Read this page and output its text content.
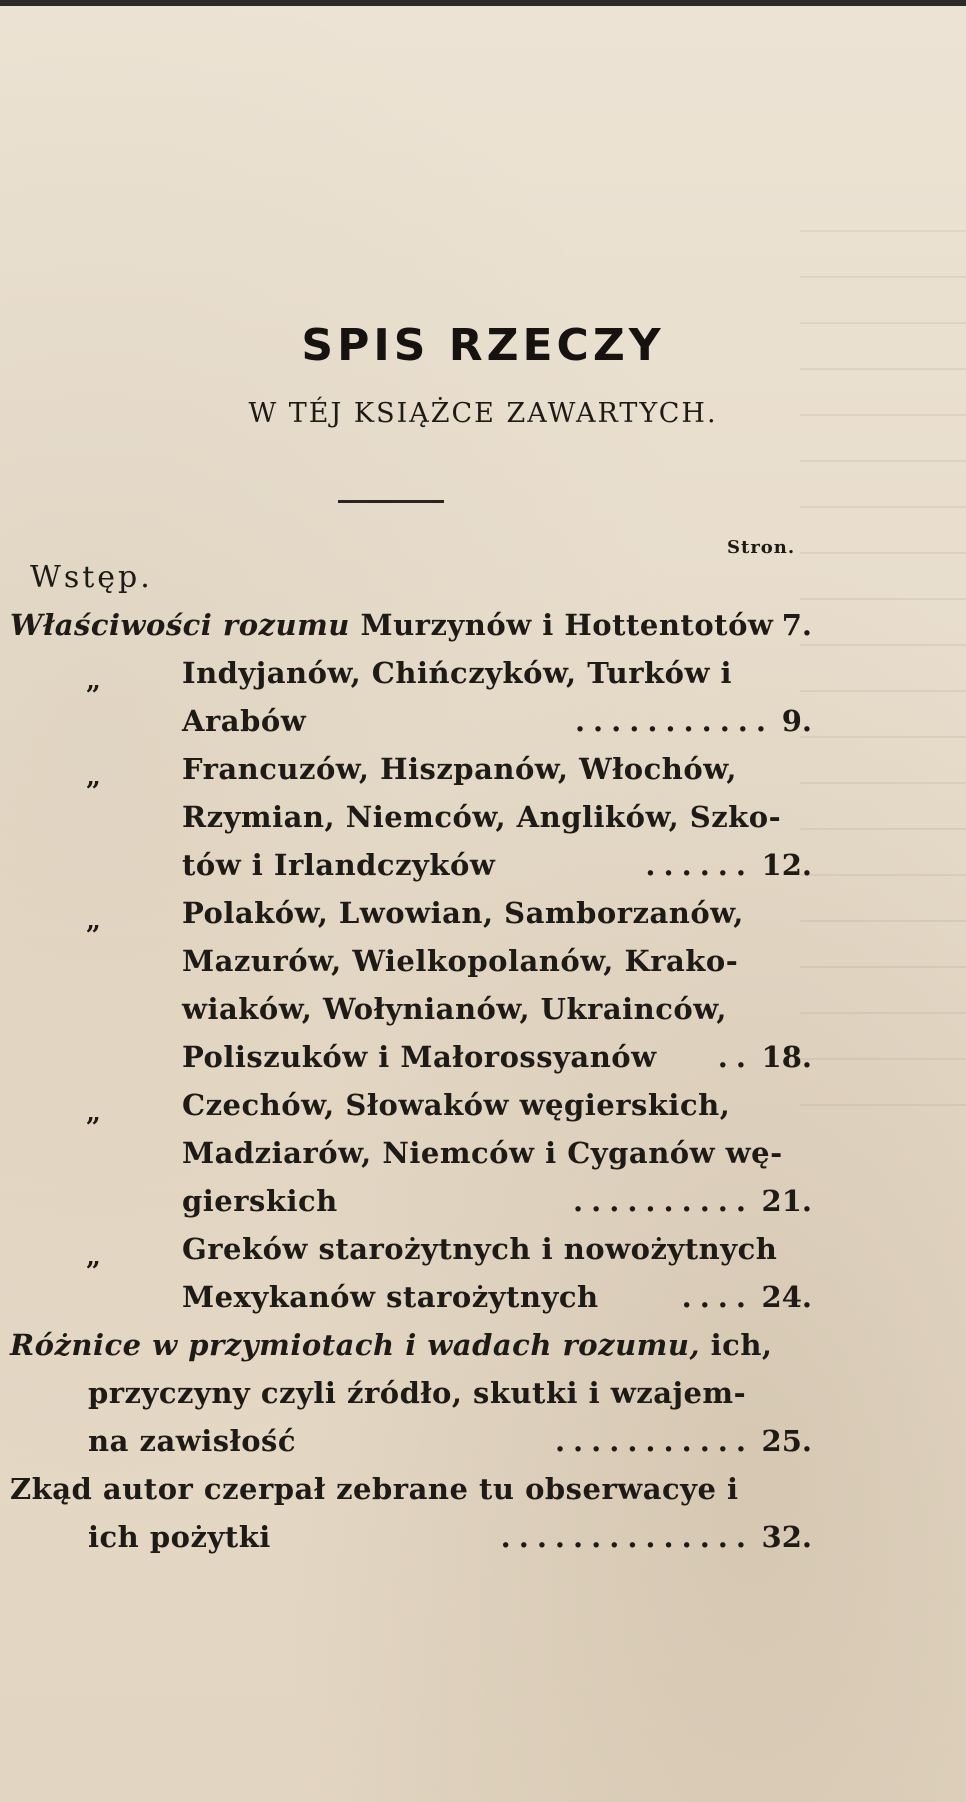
SPIS RZECZY
W TÉJ KSIĄŻCE ZAWARTYCH.
Stron.
Wstęp.
Właściwości rozumu Murzynów i Hottentotów 7.
„	Indyjanów, Chińczyków, Turków i
Arabów	9.
...........
„	Francuzów, Hiszpanów, Włochów,
Rzymian, Niemców, Anglików, Szko-
tów i Irlandczyków	12.
......
„	Polaków, Lwowian, Samborzanów,
Mazurów, Wielkopolanów, Krako-
wiaków, Wołynianów, Ukrainców,
Poliszuków i Małorossyanów	18.
..
„	Czechów, Słowaków węgierskich,
Madziarów, Niemców i Cyganów wę-
gierskich	21.
..........
„	Greków starożytnych i nowożytnych
Mexykanów starożytnych	24.
....
Różnice w przymiotach i wadach rozumu, ich,
przyczyny czyli źródło, skutki i wzajem-
na zawisłość	25.
...........
Zkąd autor czerpał zebrane tu obserwacye i
ich pożytki	32.
..............
